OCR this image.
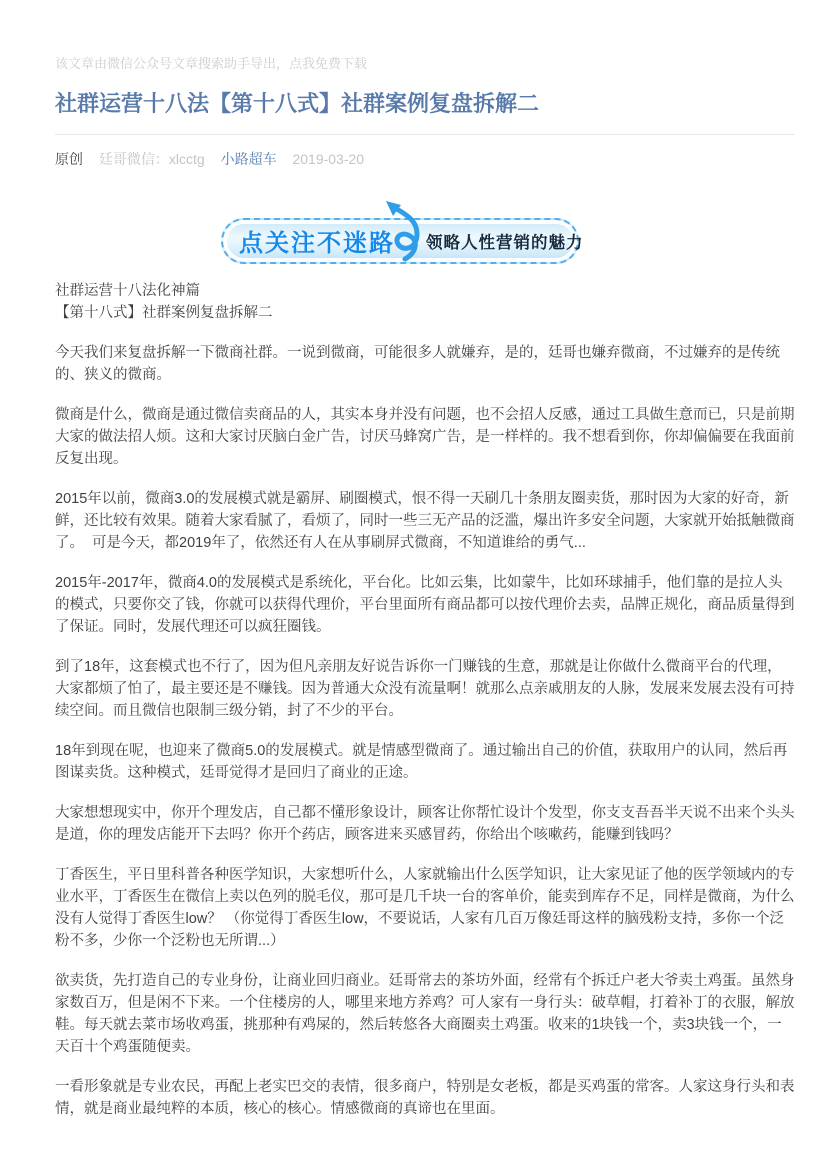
该文章由微信公众号文章搜索助手导出，点我免费下载
社群运营十八法【第十八式】社群案例复盘拆解二
原创 廷哥微信：xlcctg 小路超车 2019-03-20
点关注不迷路 领略人性营销的魅力
社群运营十八法化神篇
【第十八式】社群案例复盘拆解二

今天我们来复盘拆解一下微商社群。一说到微商，可能很多人就嫌弃，是的，廷哥也嫌弃微商，不过嫌弃的是传统的、狭义的微商。

微商是什么，微商是通过微信卖商品的人，其实本身并没有问题，也不会招人反感，通过工具做生意而已，只是前期大家的做法招人烦。这和大家讨厌脑白金广告，讨厌马蜂窝广告，是一样样的。我不想看到你，你却偏偏要在我面前反复出现。

2015年以前，微商3.0的发展模式就是霸屏、刷圈模式，恨不得一天刷几十条朋友圈卖货，那时因为大家的好奇，新鲜，还比较有效果。随着大家看腻了，看烦了，同时一些三无产品的泛滥，爆出许多安全问题，大家就开始抵触微商了。  可是今天，都2019年了，依然还有人在从事刷屏式微商，不知道谁给的勇气...

2015年-2017年，微商4.0的发展模式是系统化，平台化。比如云集，比如蒙牛，比如环球捕手，他们靠的是拉人头的模式，只要你交了钱，你就可以获得代理价，平台里面所有商品都可以按代理价去卖，品牌正规化，商品质量得到了保证。同时，发展代理还可以疯狂圈钱。

到了18年，这套模式也不行了，因为但凡亲朋友好说告诉你一门赚钱的生意，那就是让你做什么微商平台的代理，大家都烦了怕了，最主要还是不赚钱。因为普通大众没有流量啊！就那么点亲戚朋友的人脉，发展来发展去没有可持续空间。而且微信也限制三级分销，封了不少的平台。

18年到现在呢，也迎来了微商5.0的发展模式。就是情感型微商了。通过输出自己的价值，获取用户的认同，然后再图谋卖货。这种模式，廷哥觉得才是回归了商业的正途。

大家想想现实中，你开个理发店，自己都不懂形象设计，顾客让你帮忙设计个发型，你支支吾吾半天说不出来个头头是道，你的理发店能开下去吗？你开个药店，顾客进来买感冒药，你给出个咳嗽药，能赚到钱吗？

丁香医生，平日里科普各种医学知识，大家想听什么，人家就输出什么医学知识，让大家见证了他的医学领域内的专业水平，丁香医生在微信上卖以色列的脱毛仪，那可是几千块一台的客单价，能卖到库存不足，同样是微商，为什么没有人觉得丁香医生low？ （你觉得丁香医生low，不要说话，人家有几百万像廷哥这样的脑残粉支持，多你一个泛粉不多，少你一个泛粉也无所谓...）

欲卖货，先打造自己的专业身份，让商业回归商业。廷哥常去的茶坊外面，经常有个拆迁户老大爷卖土鸡蛋。虽然身家数百万，但是闲不下来。一个住楼房的人，哪里来地方养鸡？可人家有一身行头：破草帽，打着补丁的衣服，解放鞋。每天就去菜市场收鸡蛋，挑那种有鸡屎的，然后转悠各大商圈卖土鸡蛋。收来的1块钱一个，卖3块钱一个，一天百十个鸡蛋随便卖。

一看形象就是专业农民，再配上老实巴交的表情，很多商户，特别是女老板，都是买鸡蛋的常客。人家这身行头和表情，就是商业最纯粹的本质，核心的核心。情感微商的真谛也在里面。
